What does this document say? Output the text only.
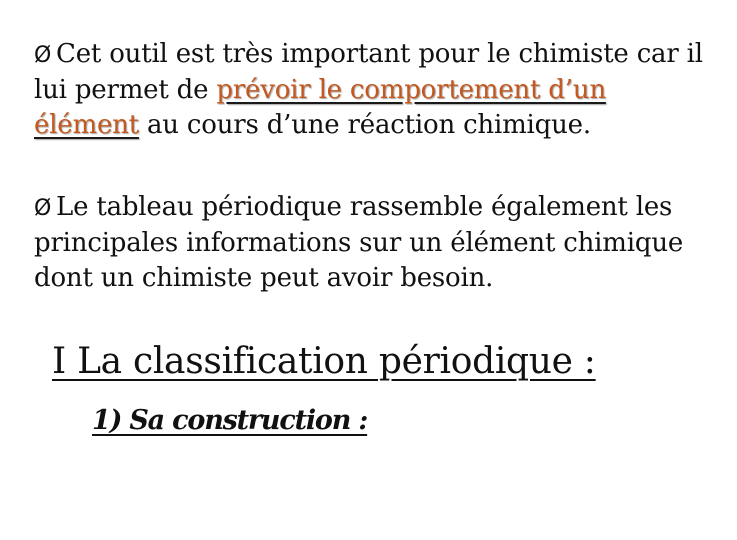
Ø Cet outil est très important pour le chimiste car il lui permet de prévoir le comportement d’un élément au cours d’une réaction chimique.
Ø Le tableau périodique rassemble également les principales informations sur un élément chimique dont un chimiste peut avoir besoin.
I La classification périodique :
1) Sa construction :
